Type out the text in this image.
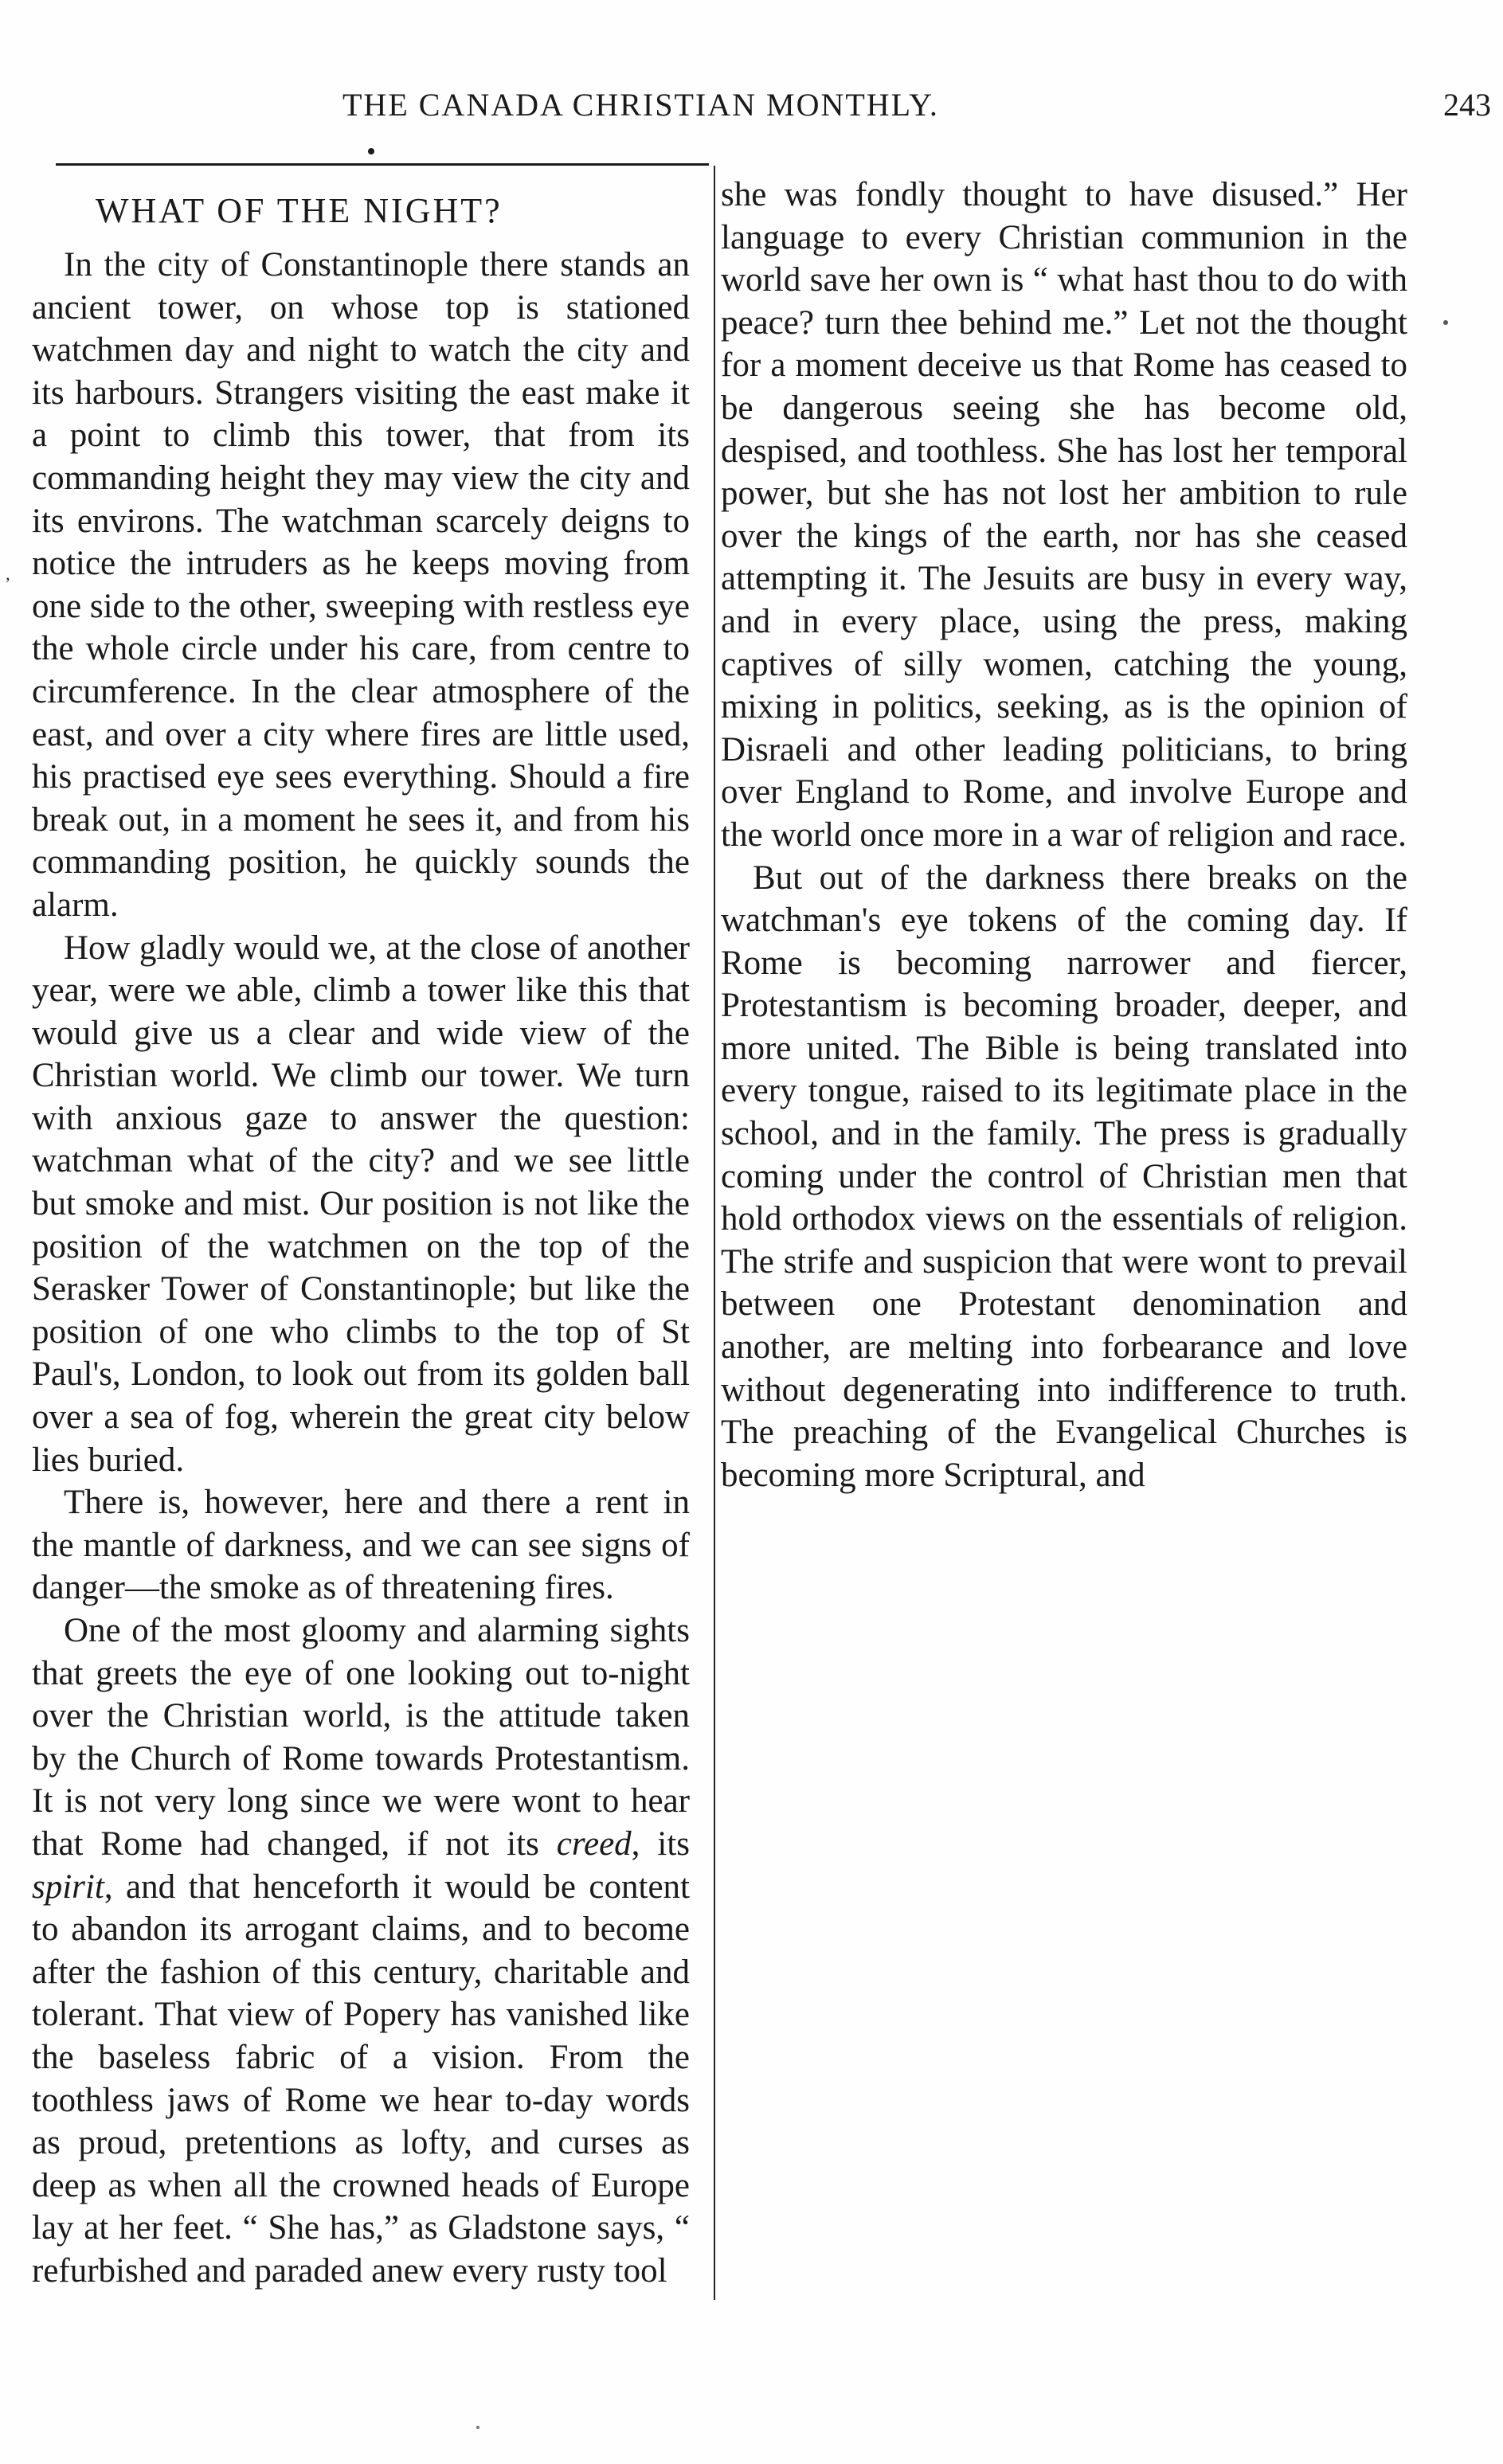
THE CANADA CHRISTIAN MONTHLY.	243
’
WHAT OF THE NIGHT?

In the city of Constantinople there stands an ancient tower, on whose top is stationed watchmen day and night to watch the city and its harbours. Strangers visiting the east make it a point to climb this tower, that from its commanding height they may view the city and its environs. The watchman scarcely deigns to notice the intruders as he keeps moving from one side to the other, sweeping with restless eye the whole circle under his care, from centre to circumference. In the clear atmosphere of the east, and over a city where fires are little used, his practised eye sees everything. Should a fire break out, in a moment he sees it, and from his commanding position, he quickly sounds the alarm.

How gladly would we, at the close of another year, were we able, climb a tower like this that would give us a clear and wide view of the Christian world. We climb our tower. We turn with anxious gaze to answer the question: watchman what of the city? and we see little but smoke and mist. Our position is not like the position of the watchmen on the top of the Serasker Tower of Constantinople; but like the position of one who climbs to the top of St Paul's, London, to look out from its golden ball over a sea of fog, wherein the great city below lies buried.

There is, however, here and there a rent in the mantle of darkness, and we can see signs of danger—the smoke as of threatening fires.

One of the most gloomy and alarming sights that greets the eye of one looking out to-night over the Christian world, is the attitude taken by the Church of Rome towards Protestantism. It is not very long since we were wont to hear that Rome had changed, if not its creed, its spirit, and that henceforth it would be content to abandon its arrogant claims, and to become after the fashion of this century, charitable and tolerant. That view of Popery has vanished like the baseless fabric of a vision. From the toothless jaws of Rome we hear to-day words as proud, pretentions as lofty, and curses as deep as when all the crowned heads of Europe lay at her feet. “ She has,” as Gladstone says, “ refurbished and paraded anew every rusty tool

she was fondly thought to have disused.” Her language to every Christian communion in the world save her own is “ what hast thou to do with peace? turn thee behind me.” Let not the thought for a moment deceive us that Rome has ceased to be dangerous seeing she has become old, despised, and toothless. She has lost her temporal power, but she has not lost her ambition to rule over the kings of the earth, nor has she ceased attempting it. The Jesuits are busy in every way, and in every place, using the press, making captives of silly women, catching the young, mixing in politics, seeking, as is the opinion of Disraeli and other leading politicians, to bring over England to Rome, and involve Europe and the world once more in a war of religion and race.

But out of the darkness there breaks on the watchman's eye tokens of the coming day. If Rome is becoming narrower and fiercer, Protestantism is becoming broader, deeper, and more united. The Bible is being translated into every tongue, raised to its legitimate place in the school, and in the family. The press is gradually coming under the control of Christian men that hold orthodox views on the essentials of religion. The strife and suspicion that were wont to prevail between one Protestant denomination and another, are melting into forbearance and love without degenerating into indifference to truth. The preaching of the Evangelical Churches is becoming more Scriptural, and
